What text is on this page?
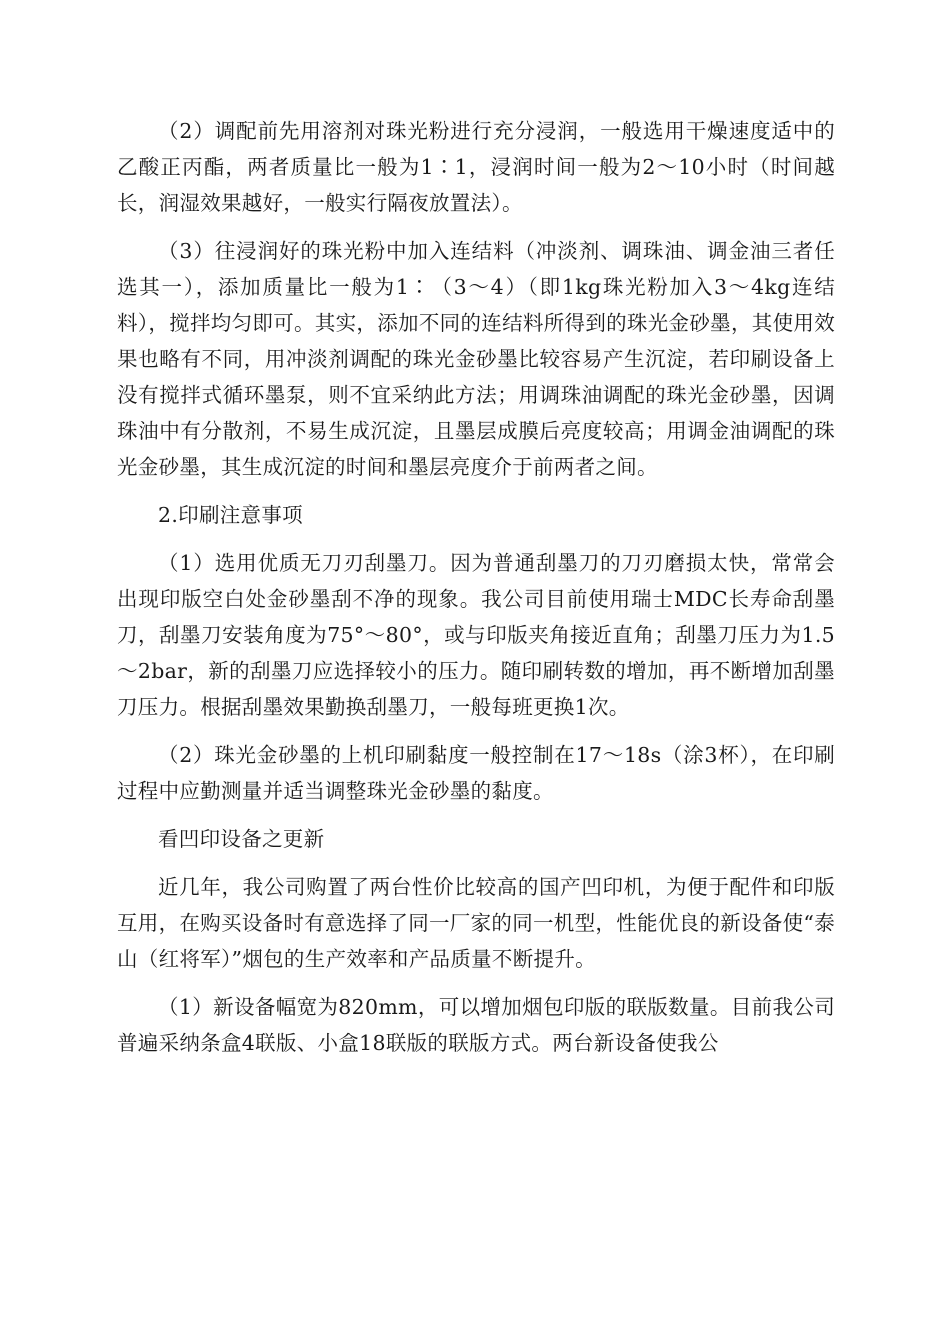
（2）调配前先用溶剂对珠光粉进行充分浸润，一般选用干燥速度适中的乙酸正丙酯，两者质量比一般为1∶1，浸润时间一般为2～10小时（时间越长，润湿效果越好，一般实行隔夜放置法）。

（3）往浸润好的珠光粉中加入连结料（冲淡剂、调珠油、调金油三者任选其一），添加质量比一般为1∶（3～4）（即1kg珠光粉加入3～4kg连结料），搅拌均匀即可。其实，添加不同的连结料所得到的珠光金砂墨，其使用效果也略有不同，用冲淡剂调配的珠光金砂墨比较容易产生沉淀，若印刷设备上没有搅拌式循环墨泵，则不宜采纳此方法；用调珠油调配的珠光金砂墨，因调珠油中有分散剂，不易生成沉淀，且墨层成膜后亮度较高；用调金油调配的珠光金砂墨，其生成沉淀的时间和墨层亮度介于前两者之间。

2.印刷注意事项

（1）选用优质无刀刃刮墨刀。因为普通刮墨刀的刀刃磨损太快，常常会出现印版空白处金砂墨刮不净的现象。我公司目前使用瑞士MDC长寿命刮墨刀，刮墨刀安装角度为75°～80°，或与印版夹角接近直角；刮墨刀压力为1.5～2bar，新的刮墨刀应选择较小的压力。随印刷转数的增加，再不断增加刮墨刀压力。根据刮墨效果勤换刮墨刀，一般每班更换1次。

（2）珠光金砂墨的上机印刷黏度一般控制在17～18s（涂3杯），在印刷过程中应勤测量并适当调整珠光金砂墨的黏度。

看凹印设备之更新

近几年，我公司购置了两台性价比较高的国产凹印机，为便于配件和印版互用，在购买设备时有意选择了同一厂家的同一机型，性能优良的新设备使“泰山（红将军）”烟包的生产效率和产品质量不断提升。

（1）新设备幅宽为820mm，可以增加烟包印版的联版数量。目前我公司普遍采纳条盒4联版、小盒18联版的联版方式。两台新设备使我公
